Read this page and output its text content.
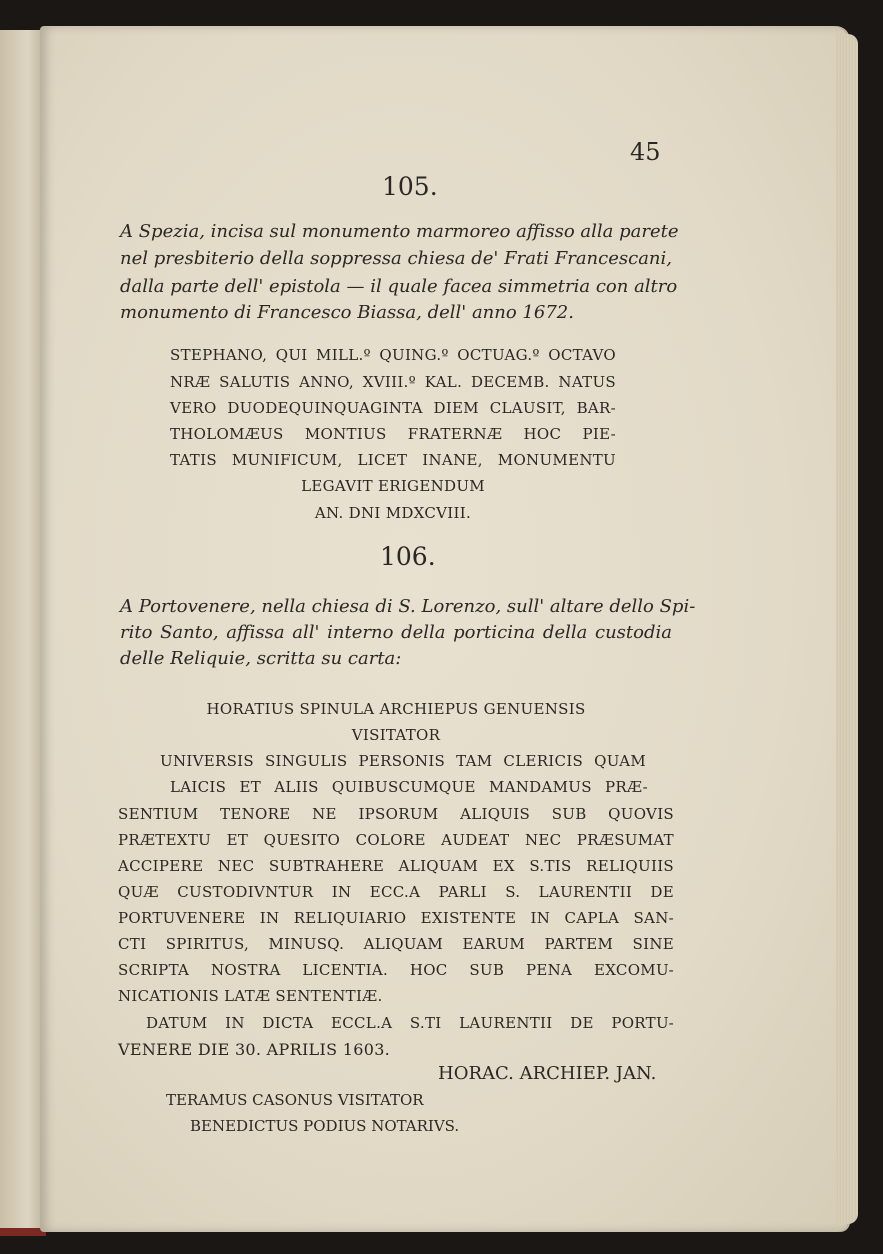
45
105.
A Spezia, incisa sul monumento marmoreo affisso alla parete
nel presbiterio della soppressa chiesa de' Frati Francescani,
dalla parte dell' epistola — il quale facea simmetria con altro
monumento di Francesco Biassa, dell' anno 1672.
STEPHANO, QUI MILL.º QUING.º OCTUAG.º OCTAVO
NRÆ SALUTIS ANNO, XVIII.º KAL. DECEMB. NATUS
VERO DUODEQUINQUAGINTA DIEM CLAUSIT, BAR-
THOLOMÆUS MONTIUS FRATERNÆ HOC PIE-
TATIS MUNIFICUM, LICET INANE, MONUMENTU
LEGAVIT ERIGENDUM
AN. DNI MDXCVIII.
106.
A Portovenere, nella chiesa di S. Lorenzo, sull' altare dello Spi-
rito Santo, affissa all' interno della porticina della custodia
delle Reliquie, scritta su carta:
HORATIUS SPINULA ARCHIEPUS GENUENSIS
VISITATOR
UNIVERSIS SINGULIS PERSONIS TAM CLERICIS QUAM
LAICIS ET ALIIS QUIBUSCUMQUE MANDAMUS PRÆ-
SENTIUM TENORE NE IPSORUM ALIQUIS SUB QUOVIS
PRÆTEXTU ET QUESITO COLORE AUDEAT NEC PRÆSUMAT
ACCIPERE NEC SUBTRAHERE ALIQUAM EX S.TIS RELIQUIIS
QUÆ CUSTODIVNTUR IN ECC.A PARLI S. LAURENTII DE
PORTUVENERE IN RELIQUIARIO EXISTENTE IN CAPLA SAN-
CTI SPIRITUS, MINUSQ. ALIQUAM EARUM PARTEM SINE
SCRIPTA NOSTRA LICENTIA. HOC SUB PENA EXCOMU-
NICATIONIS LATÆ SENTENTIÆ.
DATUM IN DICTA ECCL.A S.TI LAURENTII DE PORTU-
VENERE DIE 30. APRILIS 1603.
HORAC. ARCHIEP. JAN.
TERAMUS CASONUS VISITATOR
BENEDICTUS PODIUS NOTARIVS.
